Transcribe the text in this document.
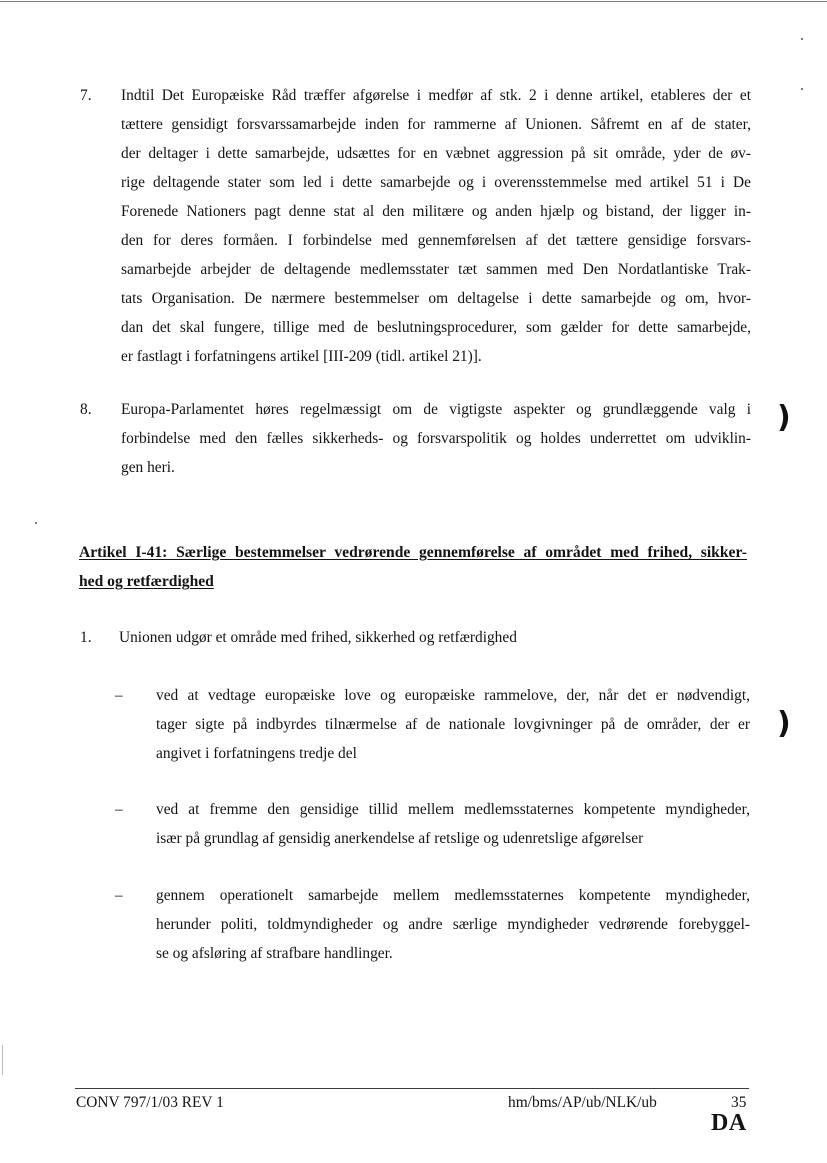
7.	Indtil Det Europæiske Råd træffer afgørelse i medfør af stk. 2 i denne artikel, etableres der et
tættere gensidigt forsvarssamarbejde inden for rammerne af Unionen. Såfremt en af de stater,
der deltager i dette samarbejde, udsættes for en væbnet aggression på sit område, yder de øv-
rige deltagende stater som led i dette samarbejde og i overensstemmelse med artikel 51 i De
Forenede Nationers pagt denne stat al den militære og anden hjælp og bistand, der ligger in-
den for deres formåen. I forbindelse med gennemførelsen af det tættere gensidige forsvars-
samarbejde arbejder de deltagende medlemsstater tæt sammen med Den Nordatlantiske Trak-
tats Organisation. De nærmere bestemmelser om deltagelse i dette samarbejde og om, hvor-
dan det skal fungere, tillige med de beslutningsprocedurer, som gælder for dette samarbejde,
er fastlagt i forfatningens artikel [III-209 (tidl. artikel 21)].
8.	Europa-Parlamentet høres regelmæssigt om de vigtigste aspekter og grundlæggende valg i
forbindelse med den fælles sikkerheds- og forsvarspolitik og holdes underrettet om udviklin-
gen heri.
Artikel I-41: Særlige bestemmelser vedrørende gennemførelse af området med frihed, sikker-
hed og retfærdighed
1.	Unionen udgør et område med frihed, sikkerhed og retfærdighed
– ved at vedtage europæiske love og europæiske rammelove, der, når det er nødvendigt,
tager sigte på indbyrdes tilnærmelse af de nationale lovgivninger på de områder, der er
angivet i forfatningens tredje del
– ved at fremme den gensidige tillid mellem medlemsstaternes kompetente myndigheder,
især på grundlag af gensidig anerkendelse af retslige og udenretslige afgørelser
– gennem operationelt samarbejde mellem medlemsstaternes kompetente myndigheder,
herunder politi, toldmyndigheder og andre særlige myndigheder vedrørende forebyggel-
se og afsløring af strafbare handlinger.
)
)
CONV 797/1/03 REV 1	hm/bms/AP/ub/NLK/ub	35
DA
